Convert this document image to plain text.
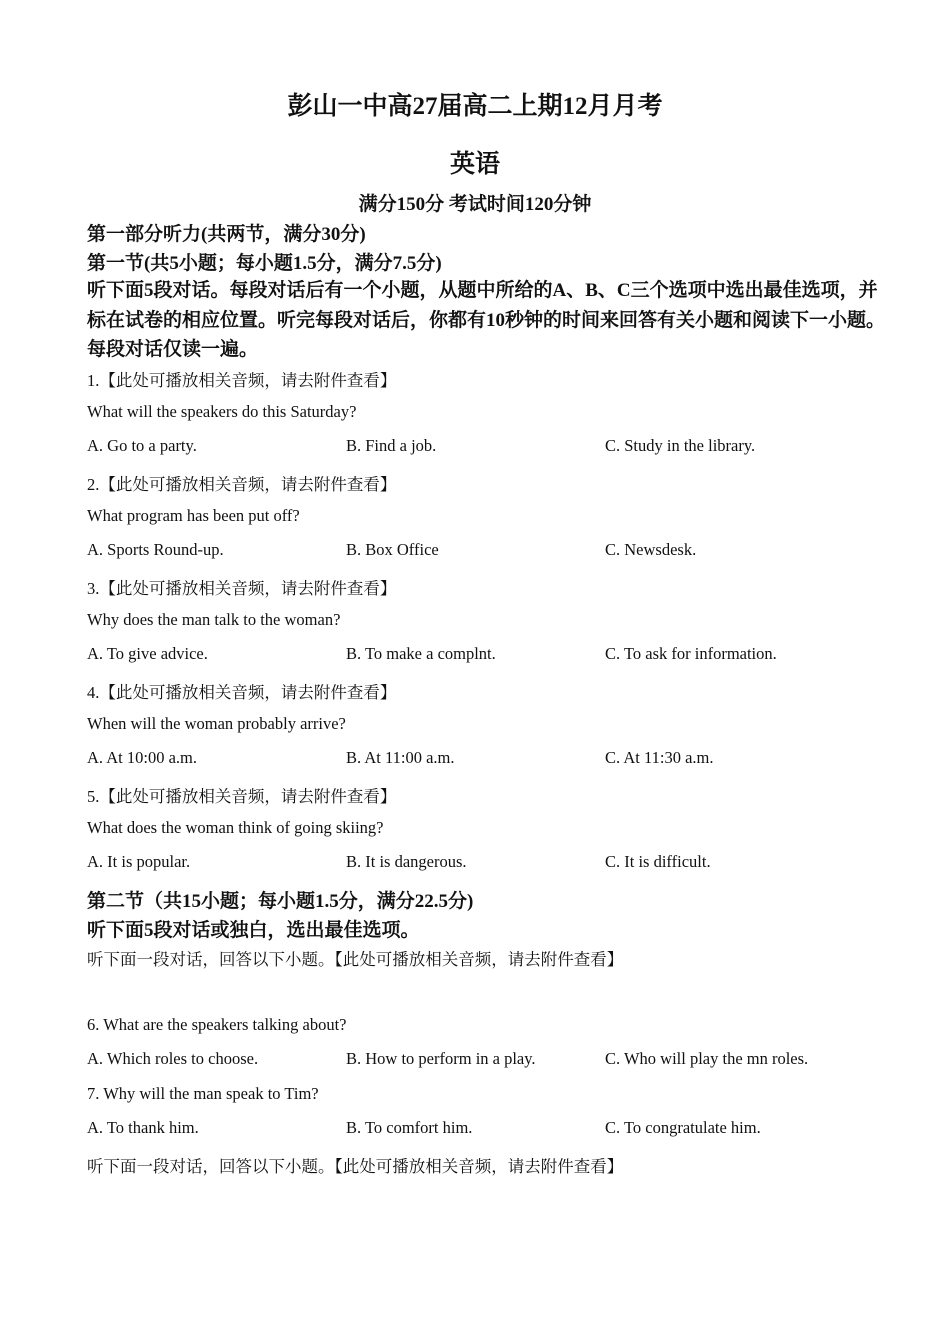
彭山一中高27届高二上期12月月考
英语
满分150分 考试时间120分钟
第一部分听力(共两节，满分30分)
第一节(共5小题；每小题1.5分，满分7.5分)
听下面5段对话。每段对话后有一个小题，从题中所给的A、B、C三个选项中选出最佳选项，并标在试卷的相应位置。听完每段对话后，你都有10秒钟的时间来回答有关小题和阅读下一小题。每段对话仅读一遍。
1.【此处可播放相关音频，请去附件查看】
What will the speakers do this Saturday?
A. Go to a party.	B. Find a job.	C. Study in the library.
2.【此处可播放相关音频，请去附件查看】
What program has been put off?
A. Sports Round-up.	B. Box Office	C. Newsdesk.
3.【此处可播放相关音频，请去附件查看】
Why does the man talk to the woman?
A. To give advice.	B. To make a complnt.	C. To ask for information.
4.【此处可播放相关音频，请去附件查看】
When will the woman probably arrive?
A. At 10:00 a.m.	B. At 11:00 a.m.	C. At 11:30 a.m.
5.【此处可播放相关音频，请去附件查看】
What does the woman think of going skiing?
A. It is popular.	B. It is dangerous.	C. It is difficult.
第二节（共15小题；每小题1.5分，满分22.5分)
听下面5段对话或独白，选出最佳选项。
听下面一段对话，回答以下小题。【此处可播放相关音频，请去附件查看】
6. What are the speakers talking about?
A. Which roles to choose.	B. How to perform in a play.	C. Who will play the mn roles.
7. Why will the man speak to Tim?
A. To thank him.	B. To comfort him.	C. To congratulate him.
听下面一段对话，回答以下小题。【此处可播放相关音频，请去附件查看】
